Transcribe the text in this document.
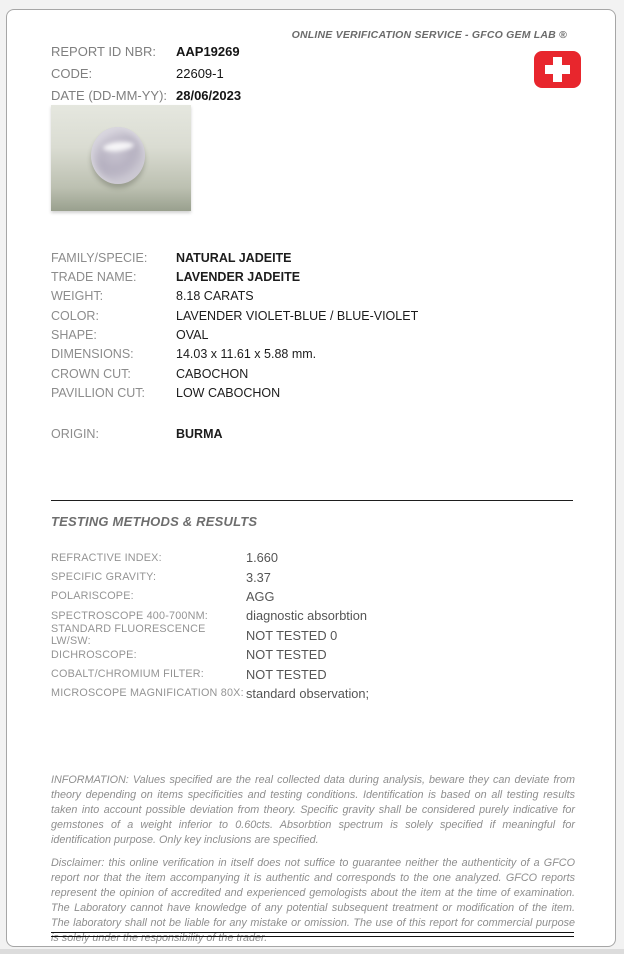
ONLINE VERIFICATION SERVICE - GFCO GEM LAB ®
REPORT ID NBR:	AAP19269
CODE:	22609-1
DATE (DD-MM-YY): 28/06/2023
FAMILY/SPECIE:	NATURAL JADEITE
TRADE NAME:	LAVENDER JADEITE
WEIGHT:	8.18 CARATS
COLOR:	LAVENDER VIOLET-BLUE / BLUE-VIOLET
SHAPE:	OVAL
DIMENSIONS:	14.03 x 11.61 x 5.88 mm.
CROWN CUT:	CABOCHON
PAVILLION CUT:	LOW CABOCHON
ORIGIN:	BURMA
TESTING METHODS & RESULTS
REFRACTIVE INDEX:	1.660
SPECIFIC GRAVITY:	3.37
POLARISCOPE:	AGG
SPECTROSCOPE 400-700NM:	diagnostic absorbtion
STANDARD FLUORESCENCE LW/SW:	NOT TESTED 0
DICHROSCOPE:	NOT TESTED
COBALT/CHROMIUM FILTER:	NOT TESTED
MICROSCOPE MAGNIFICATION 80X: standard observation;
INFORMATION: Values specified are the real collected data during analysis, beware they can deviate from theory depending on items specificities and testing conditions. Identification is based on all testing results taken into account possible deviation from theory. Specific gravity shall be considered purely indicative for gemstones of a weight inferior to 0.60cts. Absorbtion spectrum is solely specified if meaningful for identification purpose. Only key inclusions are specified.
Disclaimer: this online verification in itself does not suffice to guarantee neither the authenticity of a GFCO report nor that the item accompanying it is authentic and corresponds to the one analyzed. GFCO reports represent the opinion of accredited and experienced gemologists about the item at the time of examination. The Laboratory cannot have knowledge of any potential subsequent treatment or modification of the item. The laboratory shall not be liable for any mistake or omission. The use of this report for commercial purpose is solely under the responsibility of the trader.
